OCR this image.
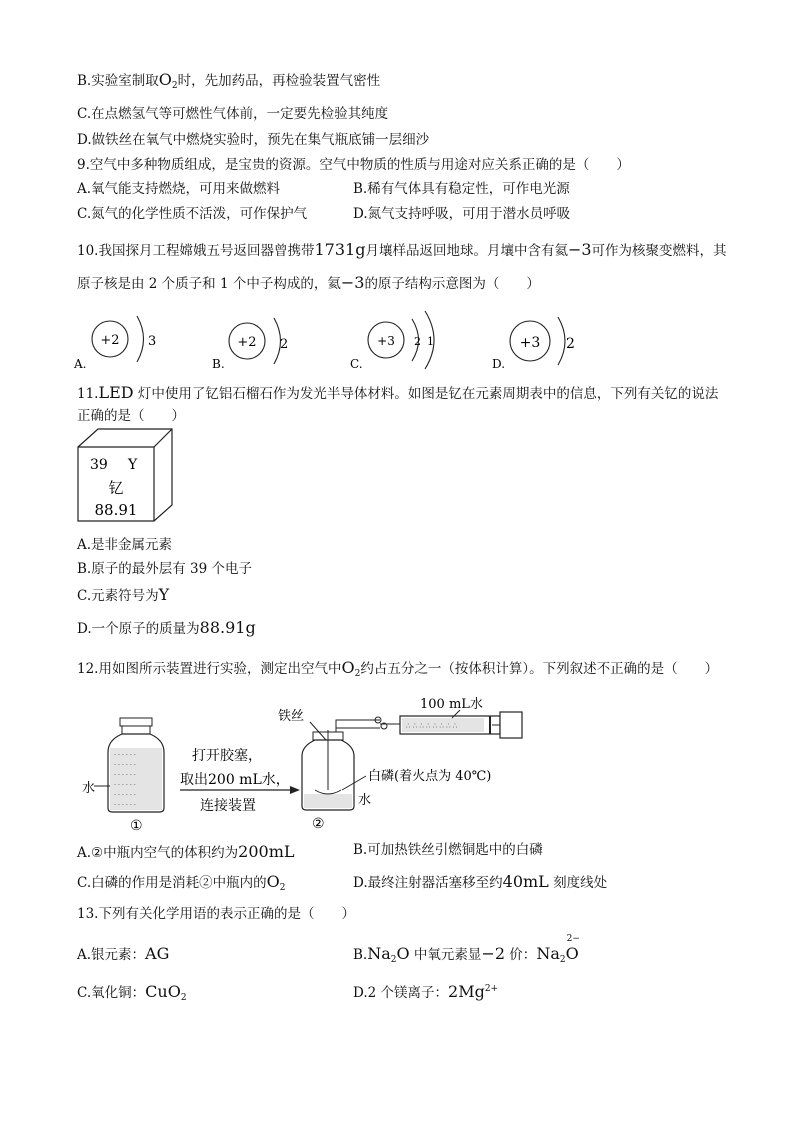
B.实验室制取$O_2$时，先加药品，再检验装置气密性
C.在点燃氢气等可燃性气体前，一定要先检验其纯度
D.做铁丝在氧气中燃烧实验时，预先在集气瓶底铺一层细沙
9.空气中多种物质组成，是宝贵的资源。空气中物质的性质与用途对应关系正确的是（　　）
A.氧气能支持燃烧，可用来做燃料	B.稀有气体具有稳定性，可作电光源
C.氮气的化学性质不活泼，可作保护气	D.氮气支持呼吸，可用于潜水员呼吸
10.我国探月工程嫦娥五号返回器曾携带1731g月壤样品返回地球。月壤中含有氦−3可作为核聚变燃料，其
原子核是由 2 个质子和 1 个中子构成的，氦−3的原子结构示意图为（　　）
A.
+2 3
B.
+2 2
C.
+3 2 1
D.
+3 2
11.LED 灯中使用了钇铝石榴石作为发光半导体材料。如图是钇在元素周期表中的信息，下列有关钇的说法
正确的是（　　）
39 Y
钇
88.91
A.是非金属元素
B.原子的最外层有 39 个电子
C.元素符号为Y
D.一个原子的质量为88.91g
12.用如图所示装置进行实验，测定出空气中$O_2$约占五分之一（按体积计算）。下列叙述不正确的是（　　）
- - - - - -
- - - - - -
- - - - - -
- - - - - -
- - - - - -
- - - - - -
水
①
打开胶塞，
取出200 mL水，
连接装置
铁丝
②
白磷(着火点为 40℃)
水
∴ ∴ ∴ ∴ ∴ ∴ ∴ ∴
100 mL水
A.②中瓶内空气的体积约为200mL	B.可加热铁丝引燃铜匙中的白磷
C.白磷的作用是消耗②中瓶内的$O_2$	D.最终注射器活塞移至约40mL 刻度线处
13.下列有关化学用语的表示正确的是（　　）
A.银元素：AG	$B.Na_2O$ 中氧元素显−2 价：$Na_2O$
2−
C.氧化铜：CuO$_2$	D.2 个镁离子：$2Mg^{2+}$
